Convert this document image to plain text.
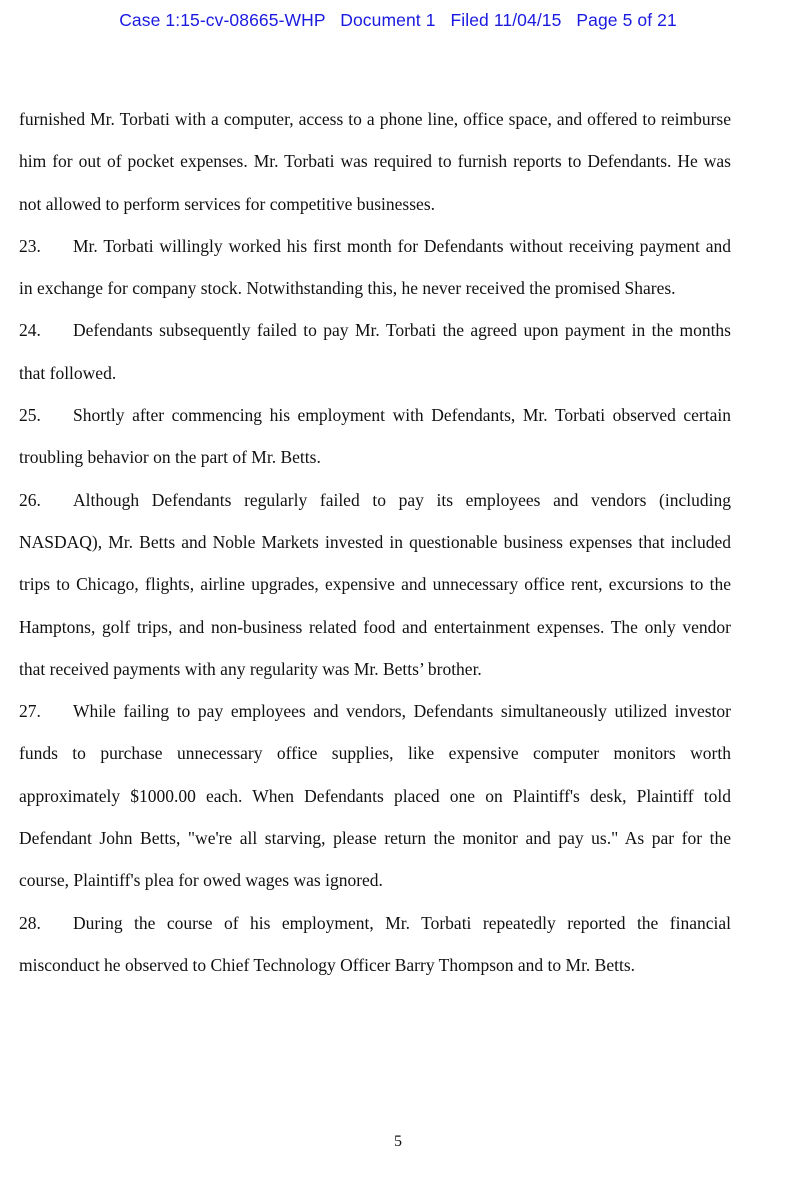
Case 1:15-cv-08665-WHP   Document 1   Filed 11/04/15   Page 5 of 21

furnished Mr. Torbati with a computer, access to a phone line, office space, and offered to reimburse him for out of pocket expenses. Mr. Torbati was required to furnish reports to Defendants. He was not allowed to perform services for competitive businesses.

23. Mr. Torbati willingly worked his first month for Defendants without receiving payment and in exchange for company stock. Notwithstanding this, he never received the promised Shares.

24. Defendants subsequently failed to pay Mr. Torbati the agreed upon payment in the months that followed.

25. Shortly after commencing his employment with Defendants, Mr. Torbati observed certain troubling behavior on the part of Mr. Betts.

26. Although Defendants regularly failed to pay its employees and vendors (including NASDAQ), Mr. Betts and Noble Markets invested in questionable business expenses that included trips to Chicago, flights, airline upgrades, expensive and unnecessary office rent, excursions to the Hamptons, golf trips, and non-business related food and entertainment expenses. The only vendor that received payments with any regularity was Mr. Betts’ brother.

27. While failing to pay employees and vendors, Defendants simultaneously utilized investor funds to purchase unnecessary office supplies, like expensive computer monitors worth approximately $1000.00 each. When Defendants placed one on Plaintiff's desk, Plaintiff told Defendant John Betts, "we're all starving, please return the monitor and pay us." As par for the course, Plaintiff's plea for owed wages was ignored.

28. During the course of his employment, Mr. Torbati repeatedly reported the financial misconduct he observed to Chief Technology Officer Barry Thompson and to Mr. Betts.

5
